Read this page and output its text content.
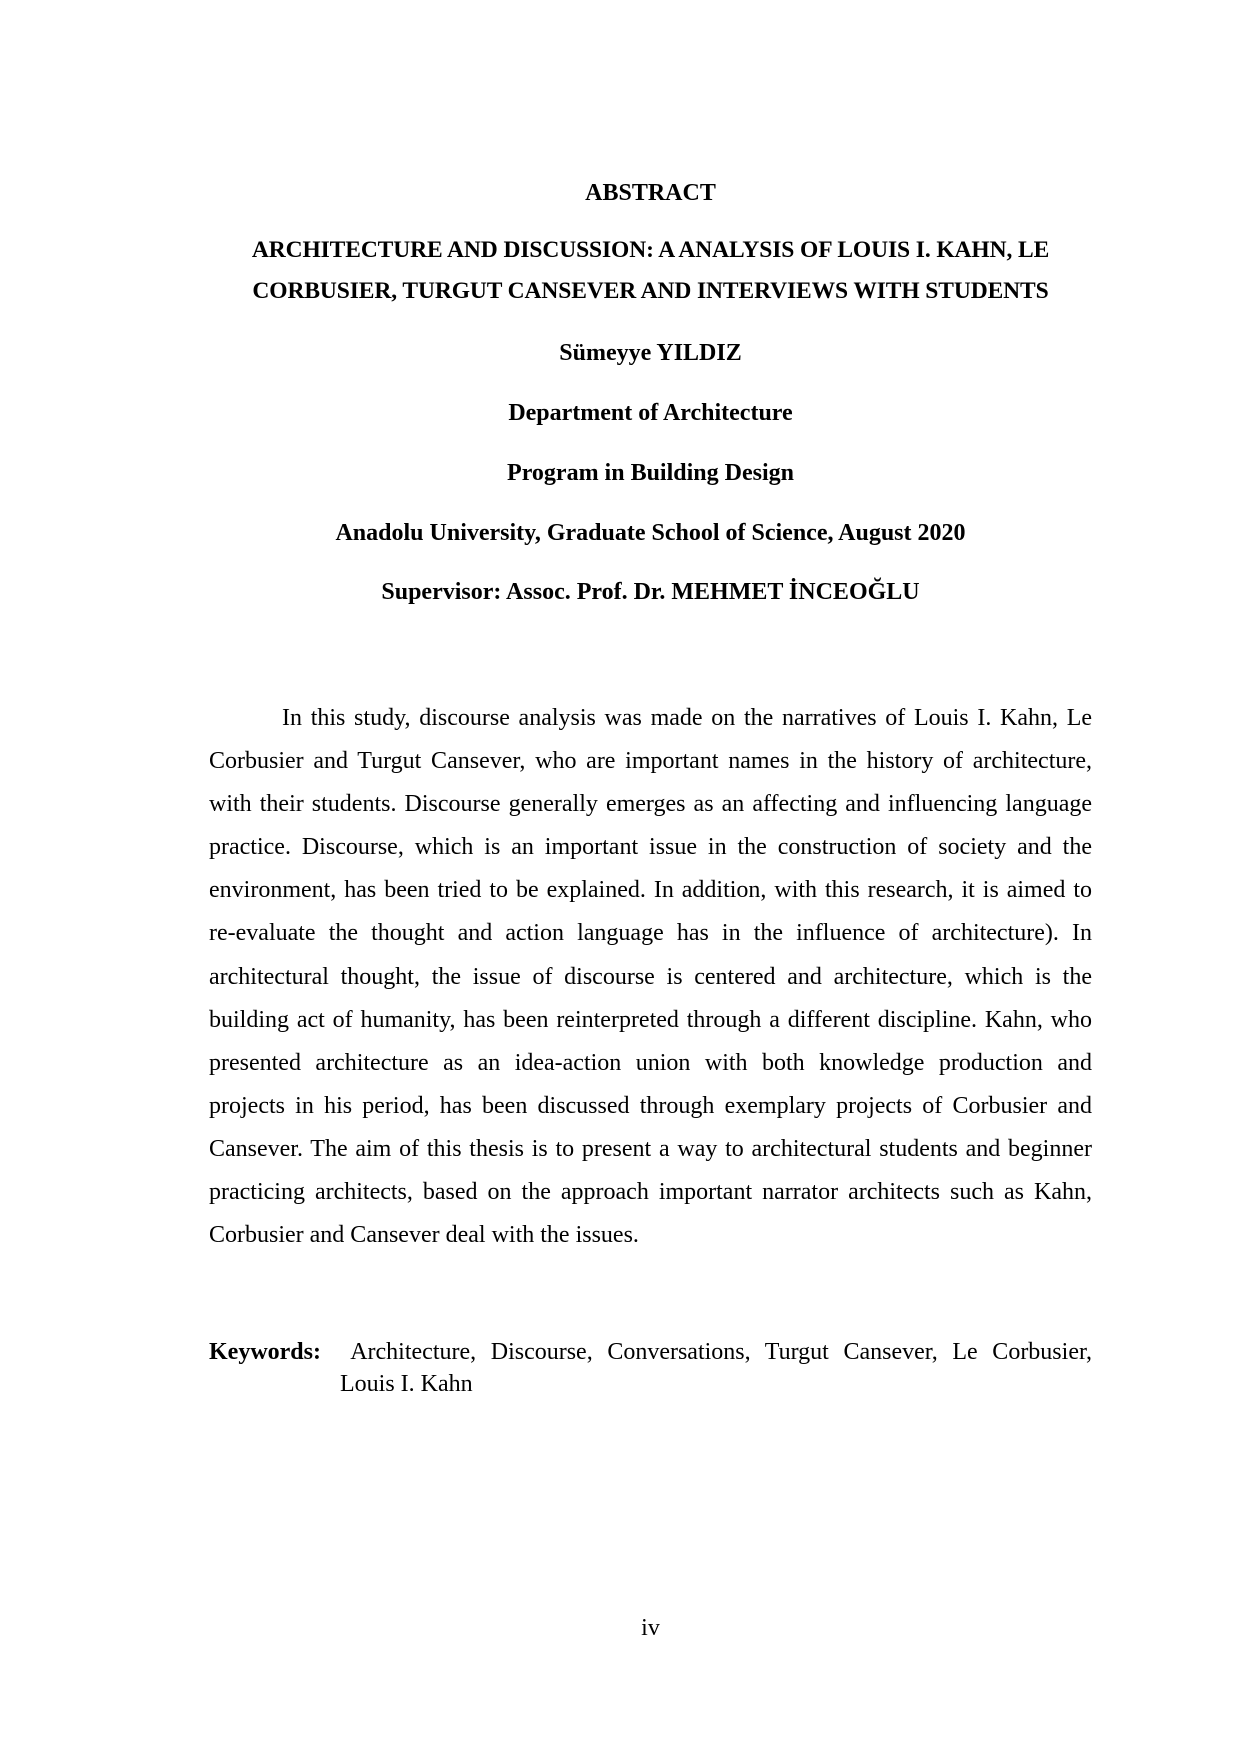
ABSTRACT
ARCHITECTURE AND DISCUSSION: A ANALYSIS OF LOUIS I. KAHN, LE
CORBUSIER, TURGUT CANSEVER AND INTERVIEWS WITH STUDENTS
Sümeyye YILDIZ
Department of Architecture
Program in Building Design
Anadolu University, Graduate School of Science, August 2020
Supervisor: Assoc. Prof. Dr. MEHMET İNCEOĞLU
In this study, discourse analysis was made on the narratives of Louis I. Kahn, Le
Corbusier and Turgut Cansever, who are important names in the history of architecture,
with their students. Discourse generally emerges as an affecting and influencing language
practice. Discourse, which is an important issue in the construction of society and the
environment, has been tried to be explained. In addition, with this research, it is aimed to
re-evaluate the thought and action language has in the influence of architecture). In
architectural thought, the issue of discourse is centered and architecture, which is the
building act of humanity, has been reinterpreted through a different discipline. Kahn, who
presented architecture as an idea-action union with both knowledge production and
projects in his period, has been discussed through exemplary projects of Corbusier and
Cansever. The aim of this thesis is to present a way to architectural students and beginner
practicing architects, based on the approach important narrator architects such as Kahn,
Corbusier and Cansever deal with the issues.
Keywords: Architecture, Discourse, Conversations, Turgut Cansever, Le Corbusier,
Louis I. Kahn
iv
